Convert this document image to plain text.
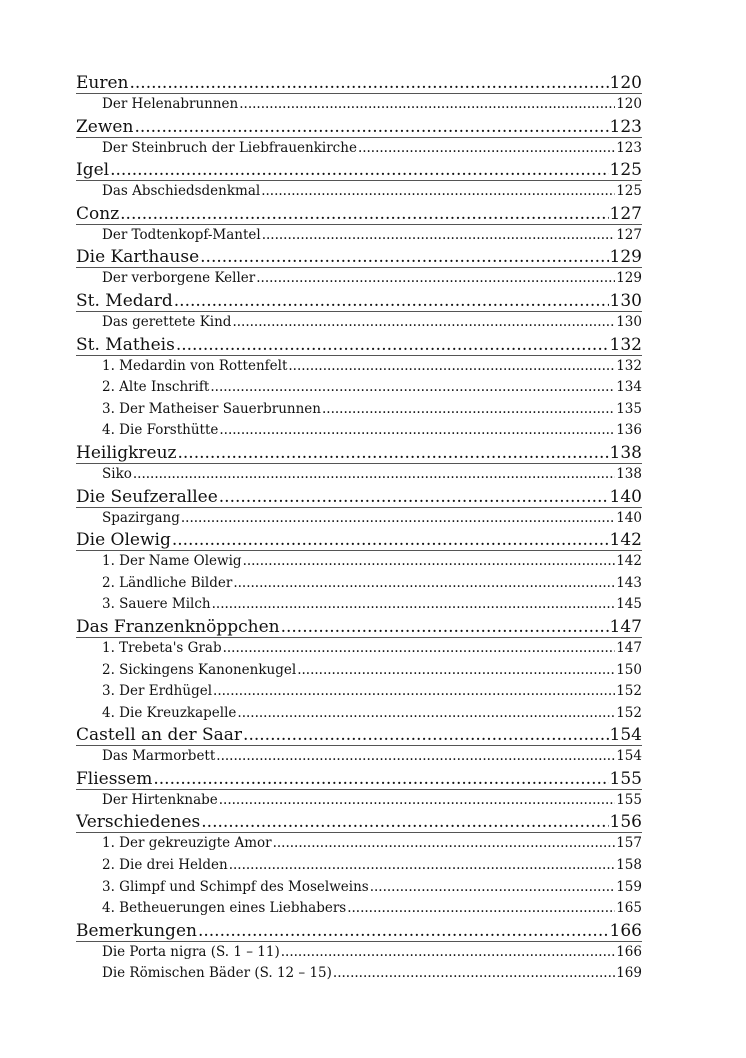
Euren .....	120
Der Helenabrunnen .....	120
Zewen .....	123
Der Steinbruch der Liebfrauenkirche .....	123
Igel .....	125
Das Abschiedsdenkmal .....	125
Conz .....	127
Der Todtenkopf-Mantel .....	127
Die Karthause .....	129
Der verborgene Keller .....	129
St. Medard .....	130
Das gerettete Kind .....	130
St. Matheis .....	132
1. Medardin von Rottenfelt .....	132
2. Alte Inschrift .....	134
3. Der Matheiser Sauerbrunnen .....	135
4. Die Forsthütte .....	136
Heiligkreuz .....	138
Siko .....	138
Die Seufzerallee .....	140
Spazirgang .....	140
Die Olewig .....	142
1. Der Name Olewig .....	142
2. Ländliche Bilder .....	143
3. Sauere Milch .....	145
Das Franzenknöppchen .....	147
1. Trebeta's Grab .....	147
2. Sickingens Kanonenkugel .....	150
3. Der Erdhügel .....	152
4. Die Kreuzkapelle .....	152
Castell an der Saar .....	154
Das Marmorbett .....	154
Fliessem .....	155
Der Hirtenknabe .....	155
Verschiedenes .....	156
1. Der gekreuzigte Amor .....	157
2. Die drei Helden .....	158
3. Glimpf und Schimpf des Moselweins .....	159
4. Betheuerungen eines Liebhabers .....	165
Bemerkungen .....	166
Die Porta nigra (S. 1 – 11) .....	166
Die Römischen Bäder (S. 12 – 15) .....	169
